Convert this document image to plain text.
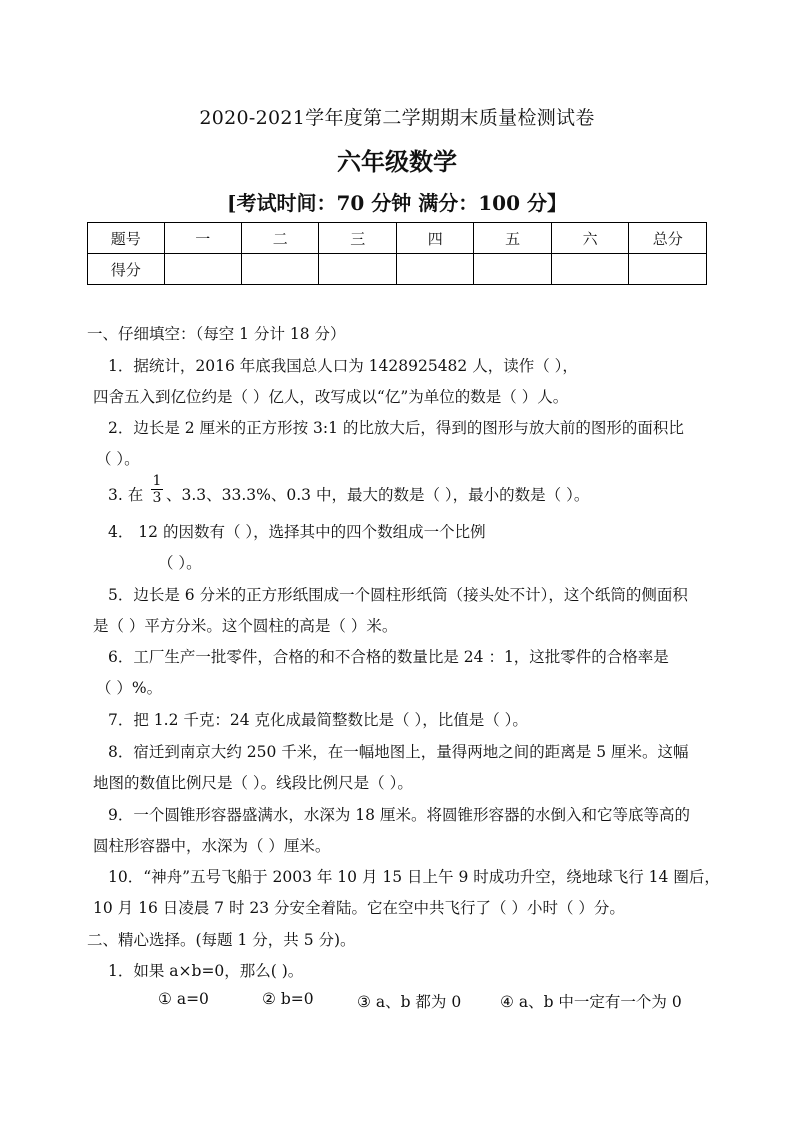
2020-2021学年度第二学期期末质量检测试卷
六年级数学
[考试时间：70 分钟 满分：100 分】
题号	一	二	三	四	五	六	总分
得分							
一、仔细填空：（每空 1 分计 18 分）
1．据统计，2016 年底我国总人口为 1428925482 人，读作（ ），
四舍五入到亿位约是（ ）亿人，改写成以“亿”为单位的数是（ ）人。
2．边长是 2 厘米的正方形按 3:1 的比放大后，得到的图形与放大前的图形的面积比
（ ）。
3. 在
1
3 、3.3、33.3%、0.3 中，最大的数是（ ），最小的数是（ ）。
4． 12 的因数有（ ），选择其中的四个数组成一个比例
（ ）。
5．边长是 6 分米的正方形纸围成一个圆柱形纸筒（接头处不计），这个纸筒的侧面积
是（ ）平方分米。这个圆柱的高是（ ）米。
6．工厂生产一批零件，合格的和不合格的数量比是 24 ：1，这批零件的合格率是
（ ）%。
7．把 1.2 千克：24 克化成最简整数比是（ ），比值是（ ）。
8．宿迁到南京大约 250 千米，在一幅地图上，量得两地之间的距离是 5 厘米。这幅
地图的数值比例尺是（ ）。线段比例尺是（ ）。
9．一个圆锥形容器盛满水，水深为 18 厘米。将圆锥形容器的水倒入和它等底等高的
圆柱形容器中，水深为（ ）厘米。
10．“神舟”五号飞船于 2003 年 10 月 15 日上午 9 时成功升空，绕地球飞行 14 圈后，
10 月 16 日凌晨 7 时 23 分安全着陆。它在空中共飞行了（ ）小时（ ）分。
二、精心选择。(每题 1 分，共 5 分)。
1．如果 a×b=0，那么( )。
① a=0	② b=0	③ a、b 都为 0	④ a、b 中一定有一个为 0
